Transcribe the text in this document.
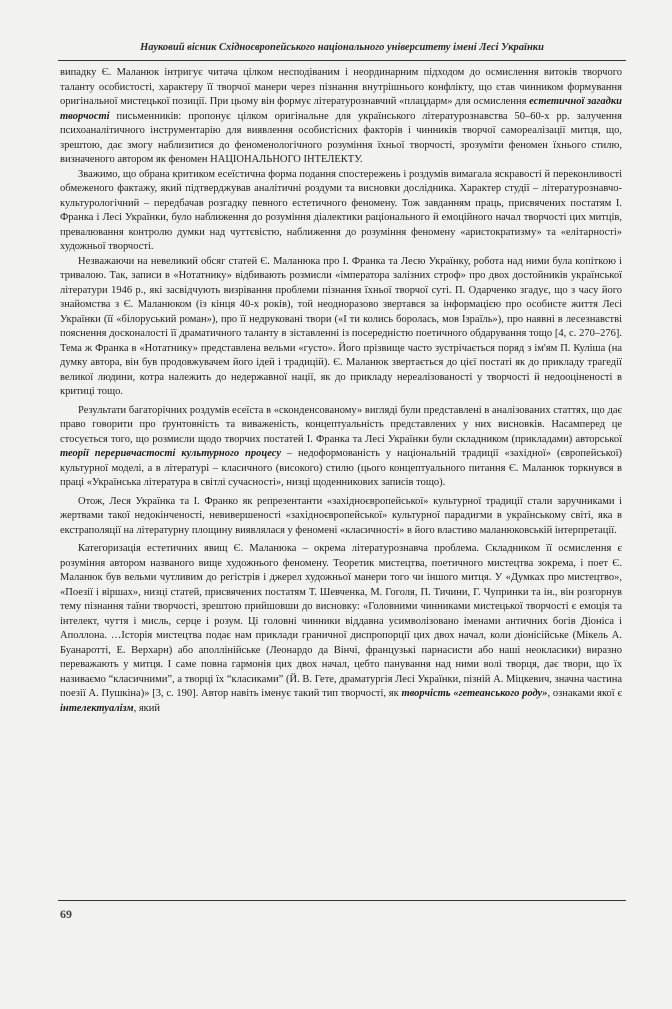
Науковий вісник Східноєвропейського національного університету імені Лесі Українки

випадку Є. Маланюк інтригує читача цілком несподіваним і неординарним підходом до осмислення витоків творчого таланту особистості, характеру її творчої манери через пізнання внутрішнього конфлікту, що став чинником формування оригінальної мистецької позиції. При цьому він формує літературознавчий «плацдарм» для осмислення естетичної загадки творчості письменників: пропонує цілком оригінальне для українського літературознавства 50–60-х рр. залучення психоаналітичного інструментарію для виявлення особистісних факторів і чинників творчої самореалізації митця, що, зрештою, дає змогу наблизитися до феноменологічного розуміння їхньої творчості, зрозуміти феномен їхнього стилю, визначеного автором як феномен НАЦІОНАЛЬНОГО ІНТЕЛЕКТУ.

Зважимо, що обрана критиком есеїстична форма подання спостережень і роздумів вимагала яскравості й переконливості обмеженого фактажу, який підтверджував аналітичні роздуми та висновки дослідника. Характер студії – літературознавчо-культурологічний – передбачав розгадку певного естетичного феномену. Тож завданням праць, присвячених постатям І. Франка і Лесі Українки, було наближення до розуміння діалектики раціонального й емоційного начал творчості цих митців, превалювання контролю думки над чуттєвістю, наближення до розуміння феномену «аристократизму» та «елітарності» художньої творчості.

Незважаючи на невеликий обсяг статей Є. Маланюка про І. Франка та Лесю Українку, робота над ними була копіткою і тривалою. Так, записи в «Нотатнику» відбивають розмисли «імператора залізних строф» про двох достойників української літератури 1946 р., які засвідчують визрівання проблеми пізнання їхньої творчої суті. П. Одарченко згадує, що з часу його знайомства з Є. Маланюком (із кінця 40-х років), той неодноразово звертався за інформацією про особисте життя Лесі Українки (її «білоруський роман»), про її недруковані твори («І ти колись боролась, мов Ізраїль»), про наявні в лесезнавстві пояснення досконалості її драматичного таланту в зіставленні із посередністю поетичного обдарування тощо [4, с. 270–276]. Тема ж Франка в «Нотатнику» представлена вельми «густо». Його прізвище часто зустрічається поряд з ім'ям П. Куліша (на думку автора, він був продовжувачем його ідей і традицій). Є. Маланюк звертається до цієї постаті як до прикладу трагедії великої людини, котра належить до недержавної нації, як до прикладу нереалізованості у творчості й недооціненості в критиці тощо.

Результати багаторічних роздумів есеїста в «сконденсованому» вигляді були представлені в аналізованих статтях, що дає право говорити про ґрунтовність та виваженість, концептуальність представлених у них висновків. Насамперед це стосується того, що розмисли щодо творчих постатей І. Франка та Лесі Українки були складником (прикладами) авторської теорії переривчастості культурного процесу – недоформованість у національній традиції «західної» (європейської) культурної моделі, а в літературі – класичного (високого) стилю (цього концептуального питання Є. Маланюк торкнувся в праці «Українська література в світлі сучасності», низці щоденникових записів тощо).

Отож, Леся Українка та І. Франко як репрезентанти «західноєвропейської» культурної традиції стали заручниками і жертвами такої недокінченості, невивершеності «західноєвропейської» культурної парадигми в українському світі, яка в екстраполяції на літературну площину виявлялася у феномені «класичності» в його властиво маланюковській інтерпретації.

Категоризація естетичних явищ Є. Маланюка – окрема літературознавча проблема. Складником її осмислення є розуміння автором названого вище художнього феномену. Теоретик мистецтва, поетичного мистецтва зокрема, і поет Є. Маланюк був вельми чутливим до регістрів і джерел художньої манери того чи іншого митця. У «Думках про мистецтво», «Поезії і віршах», низці статей, присвячених постатям Т. Шевченка, М. Гоголя, П. Тичини, Г. Чупринки та ін., він розгорнув тему пізнання таїни творчості, зрештою прийшовши до висновку: «Головними чинниками мистецької творчості є емоція та інтелект, чуття і мисль, серце і розум. Ці головні чинники віддавна усимволізовано іменами античних богів Діоніса і Аполлона. …Історія мистецтва подає нам приклади граничної диспропорції цих двох начал, коли діонісійське (Мікель А. Буанаротті, Е. Верхарн) або аполлінійське (Леонардо да Вінчі, французькі парнасисти або наші неокласики) виразно переважають у митця. І саме повна гармонія цих двох начал, цебто панування над ними волі творця, дає твори, що їх називаємо “класичними”, а творці їх “класиками” (Й. В. Гете, драматургія Лесі Українки, пізній А. Міцкевич, значна частина поезії А. Пушкіна)» [3, с. 190]. Автор навіть іменує такий тип творчості, як творчість «гетеанського роду», ознаками якої є інтелектуалізм, який

69
